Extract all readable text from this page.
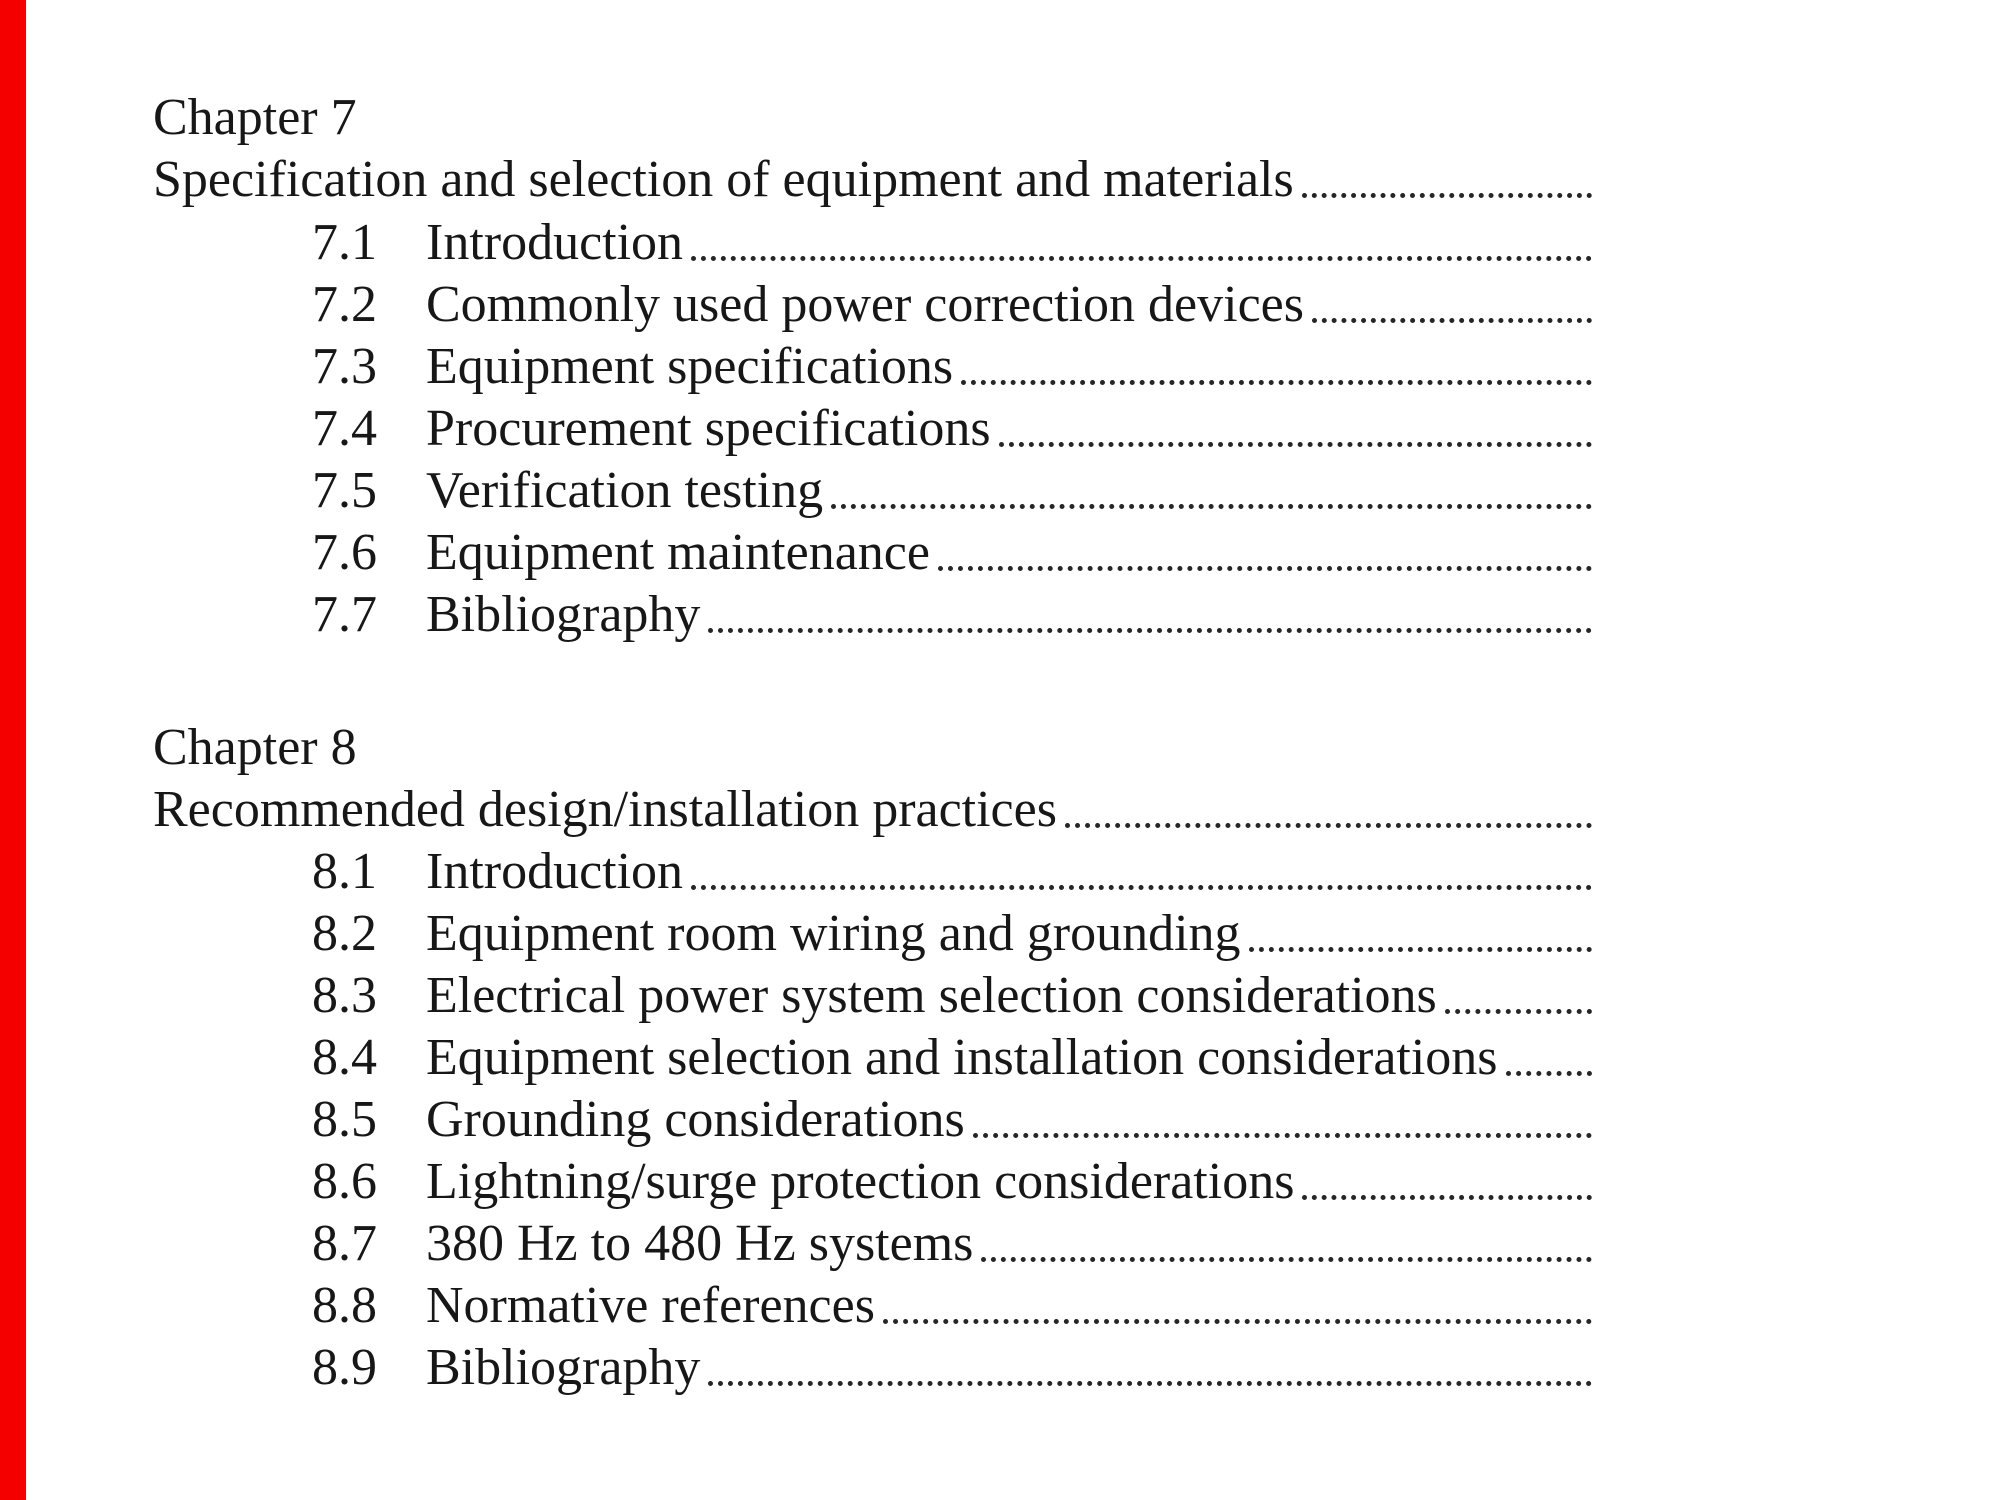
Chapter 7
Specification and selection of equipment and materials
7.1 Introduction
7.2 Commonly used power correction devices
7.3 Equipment specifications
7.4 Procurement specifications
7.5 Verification testing
7.6 Equipment maintenance
7.7 Bibliography
Chapter 8
Recommended design/installation practices
8.1 Introduction
8.2 Equipment room wiring and grounding
8.3 Electrical power system selection considerations
8.4 Equipment selection and installation considerations
8.5 Grounding considerations
8.6 Lightning/surge protection considerations
8.7 380 Hz to 480 Hz systems
8.8 Normative references
8.9 Bibliography
